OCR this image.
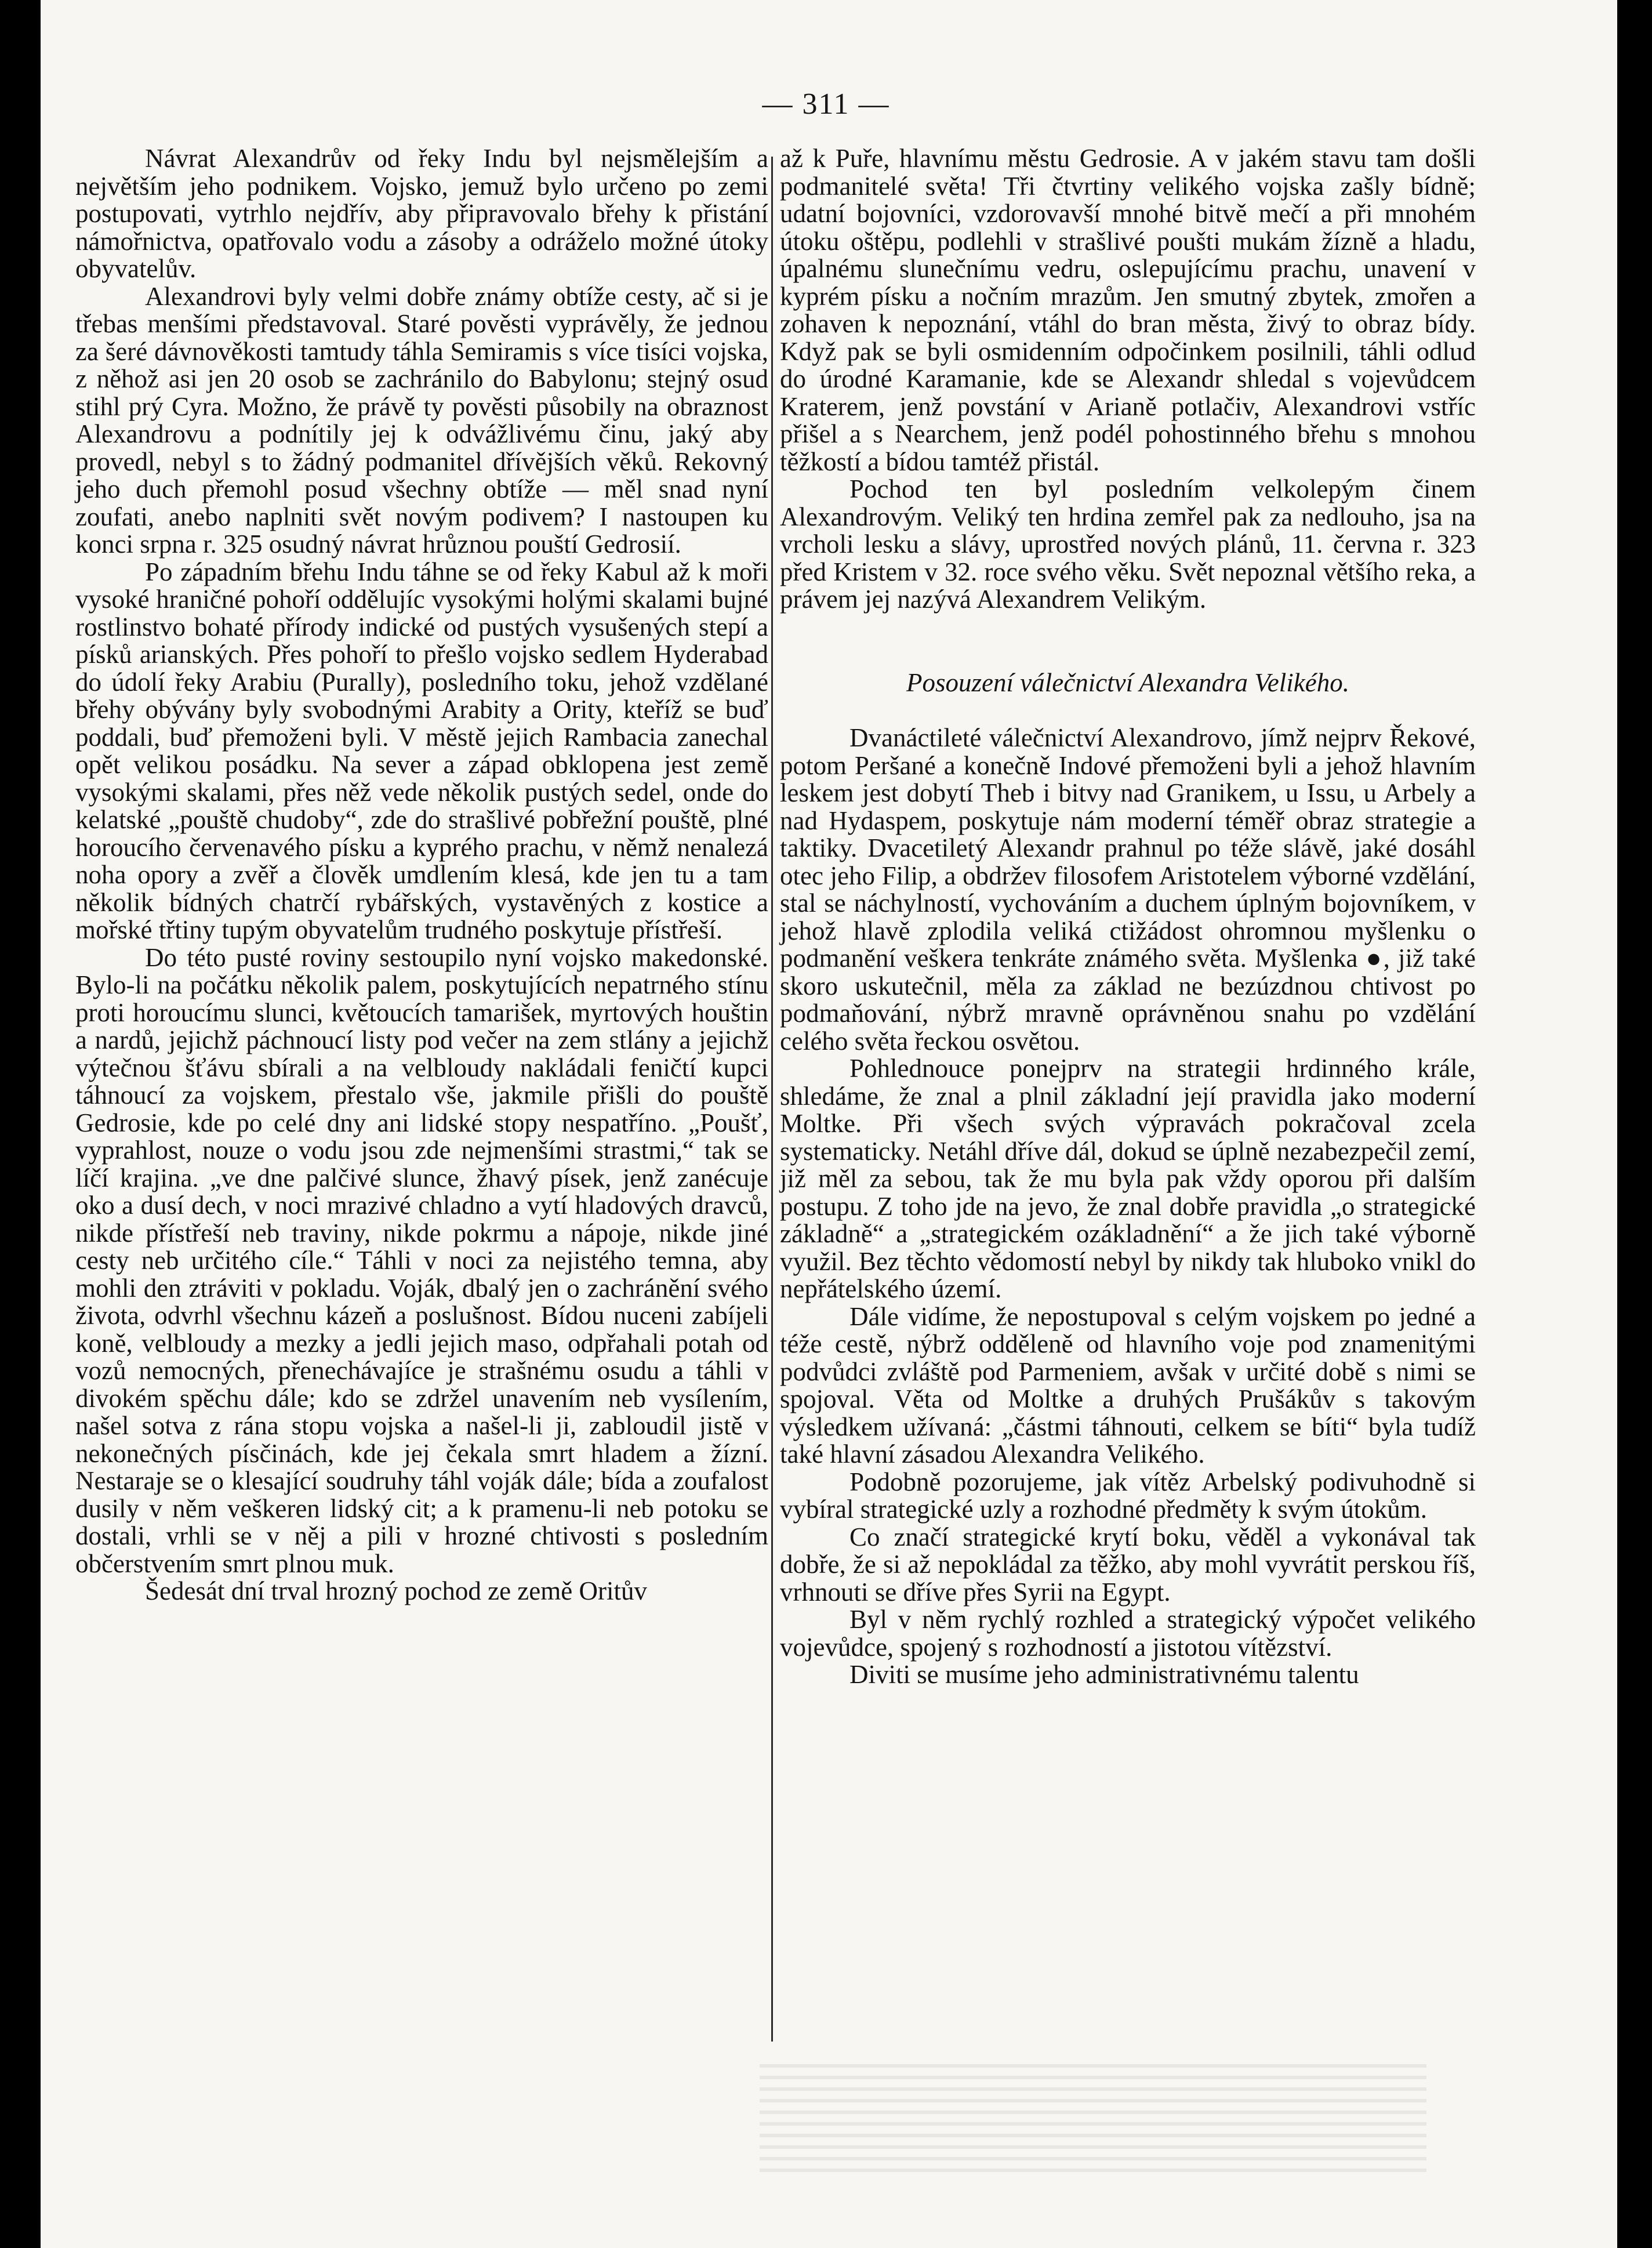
— 311 —

Návrat Alexandrův od řeky Indu byl nejsmělejším a největším jeho podnikem. Vojsko, jemuž bylo určeno po zemi postupovati, vytrhlo nejdřív, aby připravovalo břehy k přistání námořnictva, opatřovalo vodu a zásoby a odráželo možné útoky obyvatelův.

Alexandrovi byly velmi dobře známy obtíže cesty, ač si je třebas menšími představoval. Staré pověsti vyprávěly, že jednou za šeré dávnověkosti tamtudy táhla Semiramis s více tisíci vojska, z něhož asi jen 20 osob se zachránilo do Babylonu; stejný osud stihl prý Cyra. Možno, že právě ty pověsti působily na obraznost Alexandrovu a podnítily jej k odvážlivému činu, jaký aby provedl, nebyl s to žádný podmanitel dřívějších věků. Rekovný jeho duch přemohl posud všechny obtíže — měl snad nyní zoufati, anebo naplniti svět novým podivem? I nastoupen ku konci srpna r. 325 osudný návrat hrůznou pouští Gedrosií.

Po západním břehu Indu táhne se od řeky Kabul až k moři vysoké hraničné pohoří oddělujíc vysokými holými skalami bujné rostlinstvo bohaté přírody indické od pustých vysušených stepí a písků arianských. Přes pohoří to přešlo vojsko sedlem Hyderabad do údolí řeky Arabiu (Purally), posledního toku, jehož vzdělané břehy obývány byly svobodnými Arabity a Ority, kteříž se buď poddali, buď přemoženi byli. V městě jejich Rambacia zanechal opět velikou posádku. Na sever a západ obklopena jest země vysokými skalami, přes něž vede několik pustých sedel, onde do kelatské „pouště chudoby“, zde do strašlivé pobřežní pouště, plné horoucího červenavého písku a kyprého prachu, v němž nenalezá noha opory a zvěř a člověk umdlením klesá, kde jen tu a tam několik bídných chatrčí rybářských, vystavěných z kostice a mořské třtiny tupým obyvatelům trudného poskytuje přístřeší.

Do této pusté roviny sestoupilo nyní vojsko makedonské. Bylo-li na počátku několik palem, poskytujících nepatrného stínu proti horoucímu slunci, květoucích tamarišek, myrtových houštin a nardů, jejichž páchnoucí listy pod večer na zem stlány a jejichž výtečnou šťávu sbírali a na velbloudy nakládali feničtí kupci táhnoucí za vojskem, přestalo vše, jakmile přišli do pouště Gedrosie, kde po celé dny ani lidské stopy nespatříno. „Poušť, vyprahlost, nouze o vodu jsou zde nejmenšími strastmi,“ tak se líčí krajina. „ve dne palčivé slunce, žhavý písek, jenž zanécuje oko a dusí dech, v noci mrazivé chladno a vytí hladových dravců, nikde přístřeší neb traviny, nikde pokrmu a nápoje, nikde jiné cesty neb určitého cíle.“ Táhli v noci za nejistého temna, aby mohli den ztráviti v pokladu. Voják, dbalý jen o zachránění svého života, odvrhl všechnu kázeň a poslušnost. Bídou nuceni zabíjeli koně, velbloudy a mezky a jedli jejich maso, odpřahali potah od vozů nemocných, přenechávajíce je strašnému osudu a táhli v divokém spěchu dále; kdo se zdržel unavením neb vysílením, našel sotva z rána stopu vojska a našel-li ji, zabloudil jistě v nekonečných písčinách, kde jej čekala smrt hladem a žízní. Nestaraje se o klesající soudruhy táhl voják dále; bída a zoufalost dusily v něm veškeren lidský cit; a k pramenu-li neb potoku se dostali, vrhli se v něj a pili v hrozné chtivosti s posledním občerstvením smrt plnou muk.

Šedesát dní trval hrozný pochod ze země Oritův

až k Puře, hlavnímu městu Gedrosie. A v jakém stavu tam došli podmanitelé světa! Tři čtvrtiny velikého vojska zašly bídně; udatní bojovníci, vzdorovavší mnohé bitvě mečí a při mnohém útoku oštěpu, podlehli v strašlivé poušti mukám žízně a hladu, úpalnému slunečnímu vedru, oslepujícímu prachu, unavení v kyprém písku a nočním mrazům. Jen smutný zbytek, zmořen a zohaven k nepoznání, vtáhl do bran města, živý to obraz bídy. Když pak se byli osmidenním odpočinkem posilnili, táhli odlud do úrodné Karamanie, kde se Alexandr shledal s vojevůdcem Kraterem, jenž povstání v Arianě potlačiv, Alexandrovi vstříc přišel a s Nearchem, jenž podél pohostinného břehu s mnohou těžkostí a bídou tamtéž přistál.

Pochod ten byl posledním velkolepým činem Alexandrovým. Veliký ten hrdina zemřel pak za nedlouho, jsa na vrcholi lesku a slávy, uprostřed nových plánů, 11. června r. 323 před Kristem v 32. roce svého věku. Svět nepoznal většího reka, a právem jej nazývá Alexandrem Velikým.

Posouzení válečnictví Alexandra Velikého.

Dvanáctileté válečnictví Alexandrovo, jímž nejprv Řekové, potom Peršané a konečně Indové přemoženi byli a jehož hlavním leskem jest dobytí Theb i bitvy nad Granikem, u Issu, u Arbely a nad Hydaspem, poskytuje nám moderní téměř obraz strategie a taktiky. Dvacetiletý Alexandr prahnul po téže slávě, jaké dosáhl otec jeho Filip, a obdržev filosofem Aristotelem výborné vzdělání, stal se náchylností, vychováním a duchem úplným bojovníkem, v jehož hlavě zplodila veliká ctižádost ohromnou myšlenku o podmanění veškera tenkráte známého světa. Myšlenka ●, již také skoro uskutečnil, měla za základ ne bezúzdnou chtivost po podmaňování, nýbrž mravně oprávněnou snahu po vzdělání celého světa řeckou osvětou.

Pohlednouce ponejprv na strategii hrdinného krále, shledáme, že znal a plnil základní její pravidla jako moderní Moltke. Při všech svých výpravách pokračoval zcela systematicky. Netáhl dříve dál, dokud se úplně nezabezpečil zemí, již měl za sebou, tak že mu byla pak vždy oporou při dalším postupu. Z toho jde na jevo, že znal dobře pravidla „o strategické základně“ a „strategickém ozákladnění“ a že jich také výborně využil. Bez těchto vědomostí nebyl by nikdy tak hluboko vnikl do nepřátelského území.

Dále vidíme, že nepostupoval s celým vojskem po jedné a téže cestě, nýbrž odděleně od hlavního voje pod znamenitými podvůdci zvláště pod Parmeniem, avšak v určité době s nimi se spojoval. Věta od Moltke a druhých Prušákův s takovým výsledkem užívaná: „částmi táhnouti, celkem se bíti“ byla tudíž také hlavní zásadou Alexandra Velikého.

Podobně pozorujeme, jak vítěz Arbelský podivuhodně si vybíral strategické uzly a rozhodné předměty k svým útokům.

Co značí strategické krytí boku, věděl a vykonával tak dobře, že si až nepokládal za těžko, aby mohl vyvrátit perskou říš, vrhnouti se dříve přes Syrii na Egypt.

Byl v něm rychlý rozhled a strategický výpočet velikého vojevůdce, spojený s rozhodností a jistotou vítězství.

Diviti se musíme jeho administrativnému talentu
